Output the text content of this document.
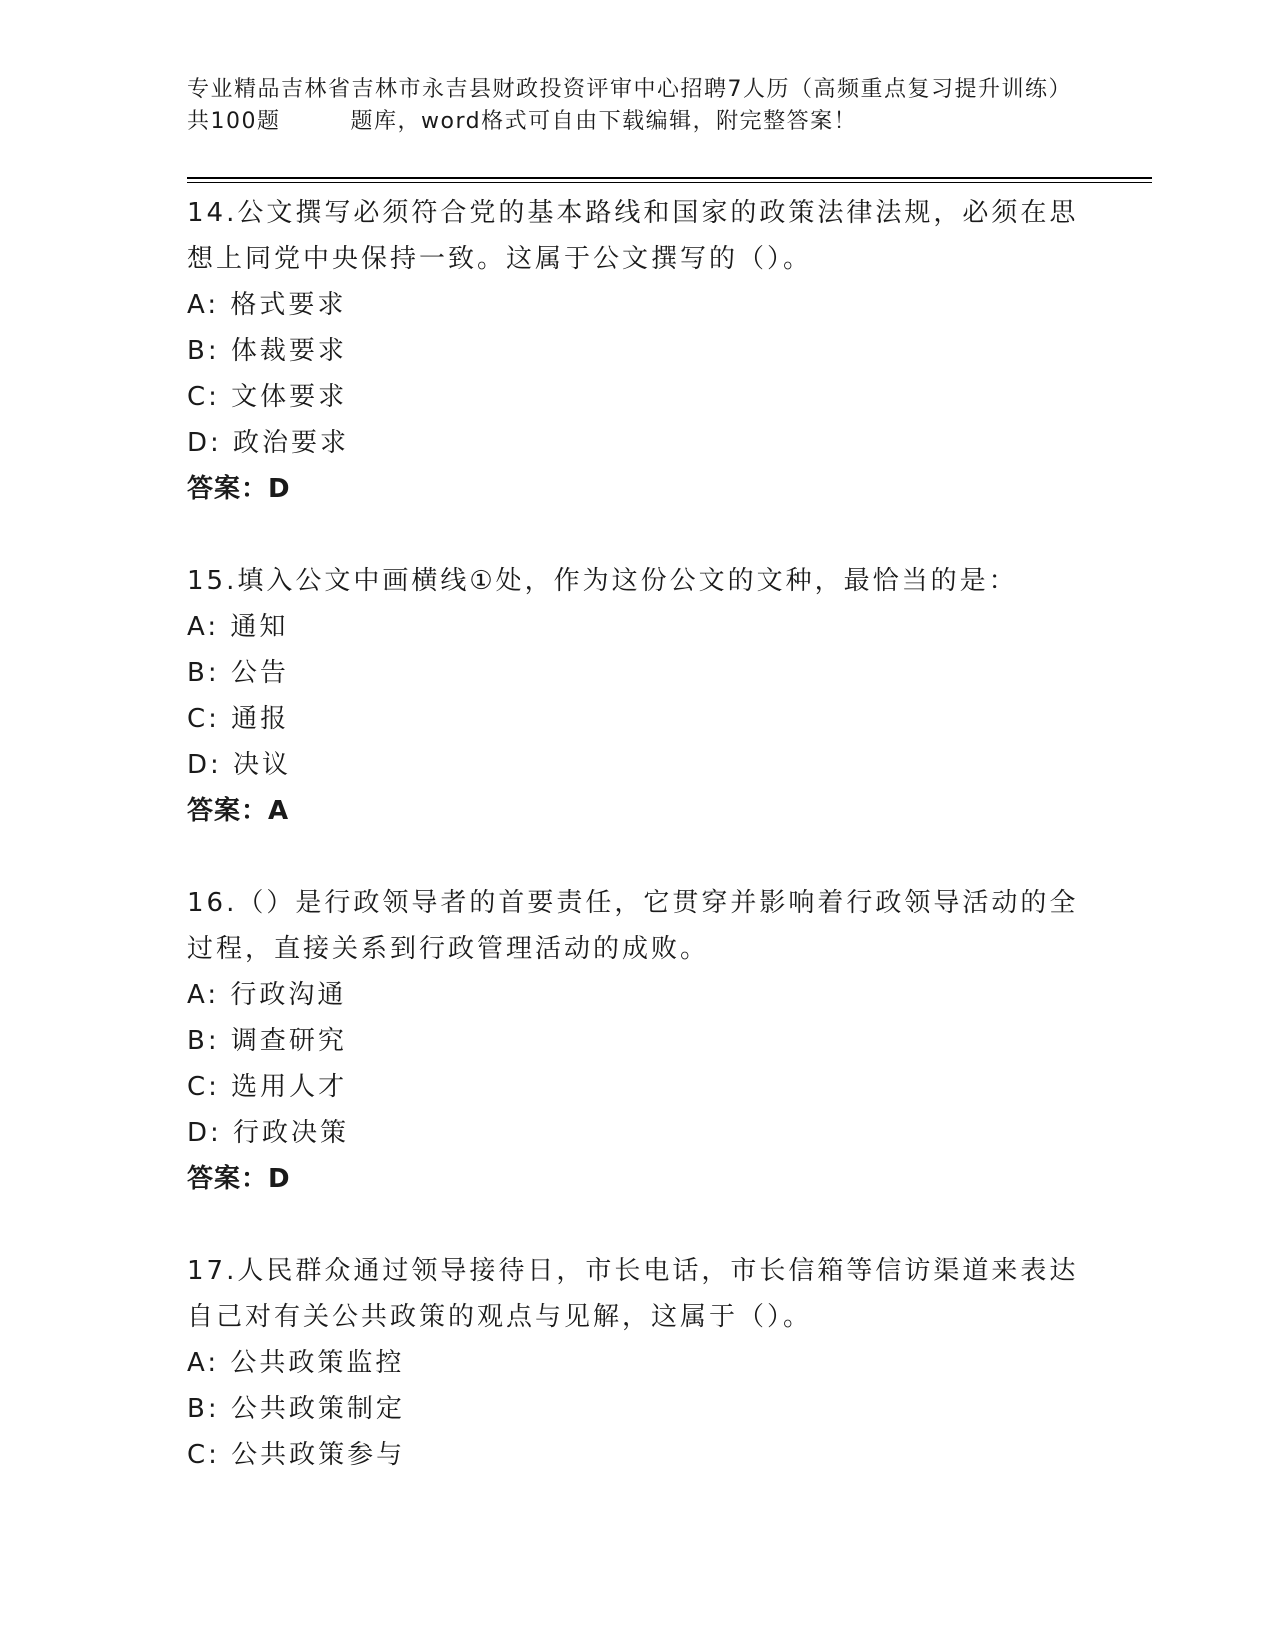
专业精品吉林省吉林市永吉县财政投资评审中心招聘7人历（高频重点复习提升训练）共100题	题库，word格式可自由下载编辑，附完整答案！

14.公文撰写必须符合党的基本路线和国家的政策法律法规，必须在思想上同党中央保持一致。这属于公文撰写的（）。

A: 格式要求

B: 体裁要求

C: 文体要求

D: 政治要求

答案：D

15.填入公文中画横线①处，作为这份公文的文种，最恰当的是：

A: 通知

B: 公告

C: 通报

D: 决议

答案：A

16.（）是行政领导者的首要责任，它贯穿并影响着行政领导活动的全过程，直接关系到行政管理活动的成败。

A: 行政沟通

B: 调查研究

C: 选用人才

D: 行政决策

答案：D

17.人民群众通过领导接待日，市长电话，市长信箱等信访渠道来表达自己对有关公共政策的观点与见解，这属于（）。

A: 公共政策监控

B: 公共政策制定

C: 公共政策参与
